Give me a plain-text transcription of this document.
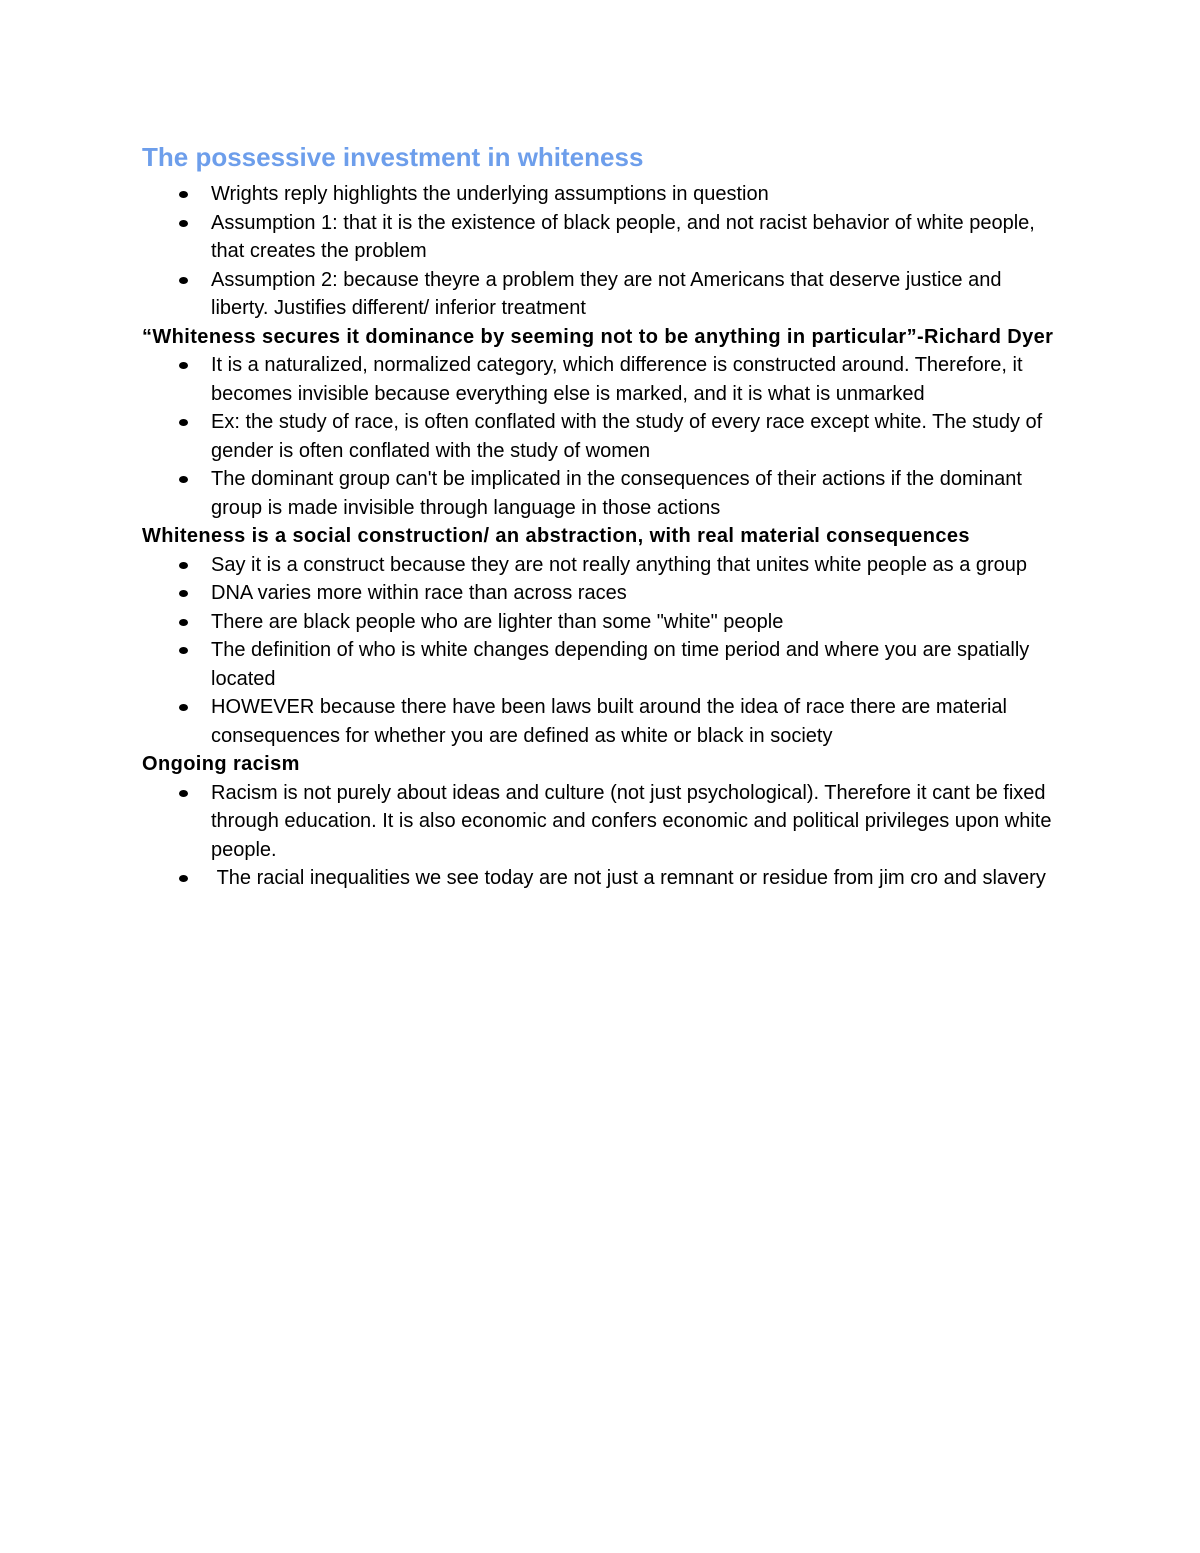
The possessive investment in whiteness
Wrights reply highlights the underlying assumptions in question
Assumption 1: that it is the existence of black people, and not racist behavior of white people, that creates the problem
Assumption 2: because theyre a problem they are not Americans that deserve justice and liberty. Justifies different/ inferior treatment

“Whiteness secures it dominance by seeming not to be anything in particular”-Richard Dyer

It is a naturalized, normalized category, which difference is constructed around. Therefore, it becomes invisible because everything else is marked, and it is what is unmarked
Ex: the study of race, is often conflated with the study of every race except white. The study of gender is often conflated with the study of women
The dominant group can't be implicated in the consequences of their actions if the dominant group is made invisible through language in those actions

Whiteness is a social construction/ an abstraction, with real material consequences

Say it is a construct because they are not really anything that unites white people as a group
DNA varies more within race than across races
There are black people who are lighter than some "white" people
The definition of who is white changes depending on time period and where you are spatially located
HOWEVER because there have been laws built around the idea of race there are material consequences for whether you are defined as white or black in society

Ongoing racism

Racism is not purely about ideas and culture (not just psychological). Therefore it cant be fixed through education. It is also economic and confers economic and political privileges upon white people.
The racial inequalities we see today are not just a remnant or residue from jim cro and slavery
